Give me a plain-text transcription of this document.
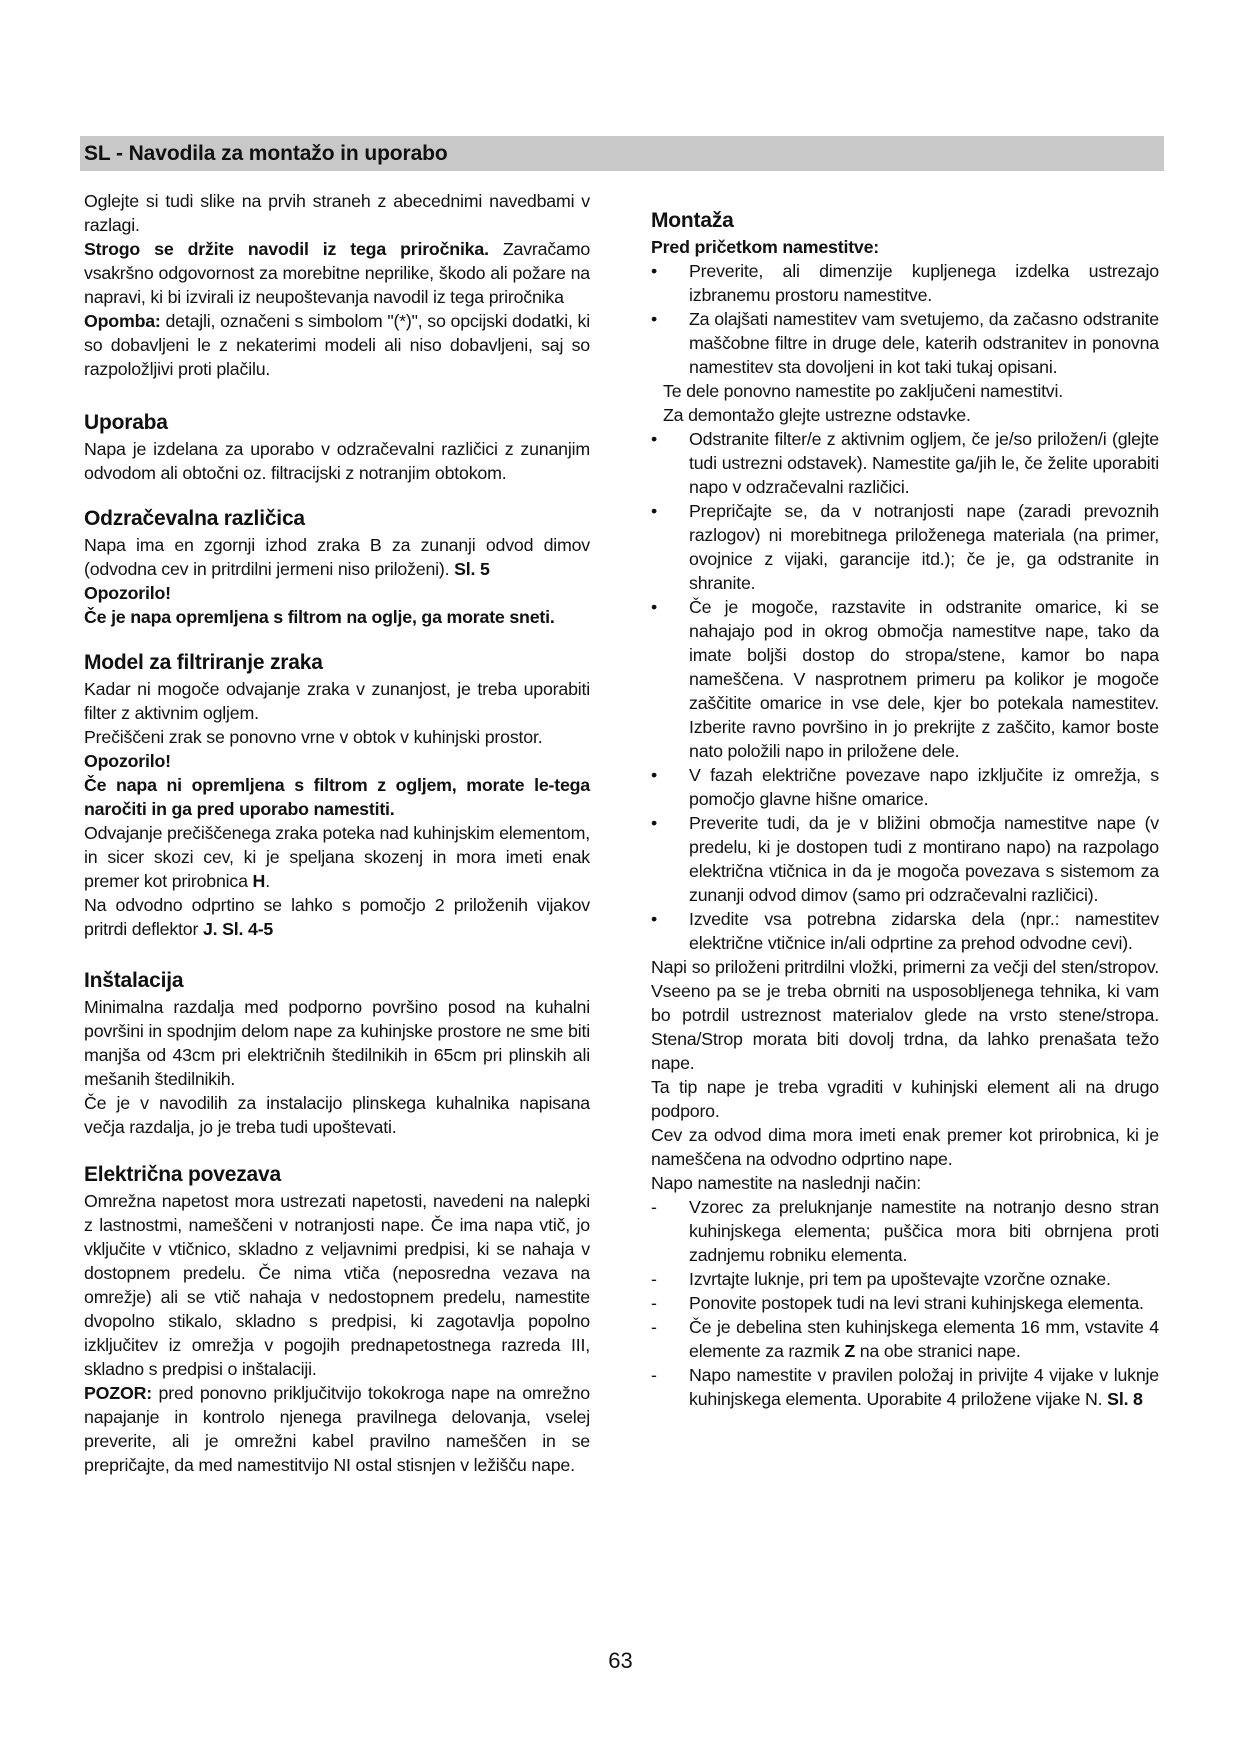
SL - Navodila za montažo in uporabo

Oglejte si tudi slike na prvih straneh z abecednimi navedbami v razlagi.

Strogo se držite navodil iz tega priročnika. Zavračamo vsakršno odgovornost za morebitne neprilike, škodo ali požare na napravi, ki bi izvirali iz neupoštevanja navodil iz tega priročnika

Opomba: detajli, označeni s simbolom "(*)", so opcijski dodatki, ki so dobavljeni le z nekaterimi modeli ali niso dobavljeni, saj so razpoložljivi proti plačilu.

Uporaba

Napa je izdelana za uporabo v odzračevalni različici z zunanjim odvodom ali obtočni oz. filtracijski z notranjim obtokom.

Odzračevalna različica

Napa ima en zgornji izhod zraka B za zunanji odvod dimov (odvodna cev in pritrdilni jermeni niso priloženi). Sl. 5

Opozorilo!
Če je napa opremljena s filtrom na oglje, ga morate sneti.
Model za filtriranje zraka

Kadar ni mogoče odvajanje zraka v zunanjost, je treba uporabiti filter z aktivnim ogljem.

Prečiščeni zrak se ponovno vrne v obtok v kuhinjski prostor.

Opozorilo!

Če napa ni opremljena s filtrom z ogljem, morate le-tega naročiti in ga pred uporabo namestiti.

Odvajanje prečiščenega zraka poteka nad kuhinjskim elementom, in sicer skozi cev, ki je speljana skozenj in mora imeti enak premer kot prirobnica H.

Na odvodno odprtino se lahko s pomočjo 2 priloženih vijakov pritrdi deflektor J. Sl. 4-5

Inštalacija

Minimalna razdalja med podporno površino posod na kuhalni površini in spodnjim delom nape za kuhinjske prostore ne sme biti manjša od 43cm pri električnih štedilnikih in 65cm pri plinskih ali mešanih štedilnikih.

Če je v navodilih za instalacijo plinskega kuhalnika napisana večja razdalja, jo je treba tudi upoštevati.

Električna povezava

Omrežna napetost mora ustrezati napetosti, navedeni na nalepki z lastnostmi, nameščeni v notranjosti nape. Če ima napa vtič, jo vključite v vtičnico, skladno z veljavnimi predpisi, ki se nahaja v dostopnem predelu. Če nima vtiča (neposredna vezava na omrežje) ali se vtič nahaja v nedostopnem predelu, namestite dvopolno stikalo, skladno s predpisi, ki zagotavlja popolno izključitev iz omrežja v pogojih prednapetostnega razreda III, skladno s predpisi o inštalaciji.

POZOR: pred ponovno priključitvijo tokokroga nape na omrežno napajanje in kontrolo njenega pravilnega delovanja, vselej preverite, ali je omrežni kabel pravilno nameščen in se prepričajte, da med namestitvijo NI ostal stisnjen v ležišču nape.

Montaža
Pred pričetkom namestitve:
•	Preverite, ali dimenzije kupljenega izdelka ustrezajo izbranemu prostoru namestitve.
•	Za olajšati namestitev vam svetujemo, da začasno odstranite maščobne filtre in druge dele, katerih odstranitev in ponovna namestitev sta dovoljeni in kot taki tukaj opisani.
Te dele ponovno namestite po zaključeni namestitvi.
Za demontažo glejte ustrezne odstavke.
•	Odstranite filter/e z aktivnim ogljem, če je/so priložen/i (glejte tudi ustrezni odstavek). Namestite ga/jih le, če želite uporabiti napo v odzračevalni različici.
•	Prepričajte se, da v notranjosti nape (zaradi prevoznih razlogov) ni morebitnega priloženega materiala (na primer, ovojnice z vijaki, garancije itd.); če je, ga odstranite in shranite.
•	Če je mogoče, razstavite in odstranite omarice, ki se nahajajo pod in okrog območja namestitve nape, tako da imate boljši dostop do stropa/stene, kamor bo napa nameščena. V nasprotnem primeru pa kolikor je mogoče zaščitite omarice in vse dele, kjer bo potekala namestitev. Izberite ravno površino in jo prekrijte z zaščito, kamor boste nato položili napo in priložene dele.
•	V fazah električne povezave napo izključite iz omrežja, s pomočjo glavne hišne omarice.
•	Preverite tudi, da je v bližini območja namestitve nape (v predelu, ki je dostopen tudi z montirano napo) na razpolago električna vtičnica in da je mogoča povezava s sistemom za zunanji odvod dimov (samo pri odzračevalni različici).
•	Izvedite vsa potrebna zidarska dela (npr.: namestitev električne vtičnice in/ali odprtine za prehod odvodne cevi).

Napi so priloženi pritrdilni vložki, primerni za večji del sten/stropov. Vseeno pa se je treba obrniti na usposobljenega tehnika, ki vam bo potrdil ustreznost materialov glede na vrsto stene/stropa. Stena/Strop morata biti dovolj trdna, da lahko prenašata težo nape.

Ta tip nape je treba vgraditi v kuhinjski element ali na drugo podporo.

Cev za odvod dima mora imeti enak premer kot prirobnica, ki je nameščena na odvodno odprtino nape.

Napo namestite na naslednji način:

-	Vzorec za preluknjanje namestite na notranjo desno stran kuhinjskega elementa; puščica mora biti obrnjena proti zadnjemu robniku elementa.
-	Izvrtajte luknje, pri tem pa upoštevajte vzorčne oznake.
-	Ponovite postopek tudi na levi strani kuhinjskega elementa.
-	Če je debelina sten kuhinjskega elementa 16 mm, vstavite 4 elemente za razmik Z na obe stranici nape.
-	Napo namestite v pravilen položaj in privijte 4 vijake v luknje kuhinjskega elementa. Uporabite 4 priložene vijake N. Sl. 8
63
